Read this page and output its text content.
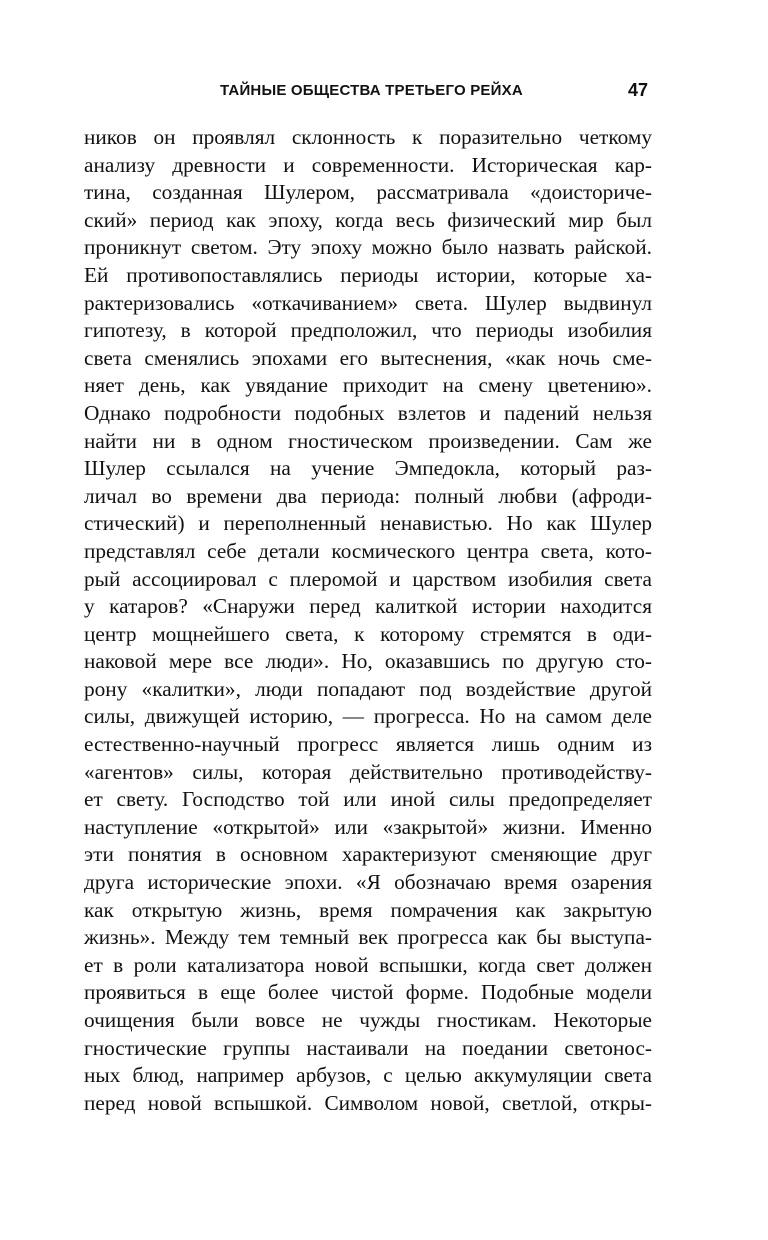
ТАЙНЫЕ ОБЩЕСТВА ТРЕТЬЕГО РЕЙХА	47
ников он проявлял склонность к поразительно четкому
анализу древности и современности. Историческая кар-
тина, созданная Шулером, рассматривала «доисториче-
ский» период как эпоху, когда весь физический мир был
проникнут светом. Эту эпоху можно было назвать райской.
Ей противопоставлялись периоды истории, которые ха-
рактеризовались «откачиванием» света. Шулер выдвинул
гипотезу, в которой предположил, что периоды изобилия
света сменялись эпохами его вытеснения, «как ночь сме-
няет день, как увядание приходит на смену цветению».
Однако подробности подобных взлетов и падений нельзя
найти ни в одном гностическом произведении. Сам же
Шулер ссылался на учение Эмпедокла, который раз-
личал во времени два периода: полный любви (афроди-
стический) и переполненный ненавистью. Но как Шулер
представлял себе детали космического центра света, кото-
рый ассоциировал с плеромой и царством изобилия света
у катаров? «Снаружи перед калиткой истории находится
центр мощнейшего света, к которому стремятся в оди-
наковой мере все люди». Но, оказавшись по другую сто-
рону «калитки», люди попадают под воздействие другой
силы, движущей историю, — прогресса. Но на самом деле
естественно-научный прогресс является лишь одним из
«агентов» силы, которая действительно противодейству-
ет свету. Господство той или иной силы предопределяет
наступление «открытой» или «закрытой» жизни. Именно
эти понятия в основном характеризуют сменяющие друг
друга исторические эпохи. «Я обозначаю время озарения
как открытую жизнь, время помрачения как закрытую
жизнь». Между тем темный век прогресса как бы выступа-
ет в роли катализатора новой вспышки, когда свет должен
проявиться в еще более чистой форме. Подобные модели
очищения были вовсе не чужды гностикам. Некоторые
гностические группы настаивали на поедании светонос-
ных блюд, например арбузов, с целью аккумуляции света
перед новой вспышкой. Символом новой, светлой, откры-
